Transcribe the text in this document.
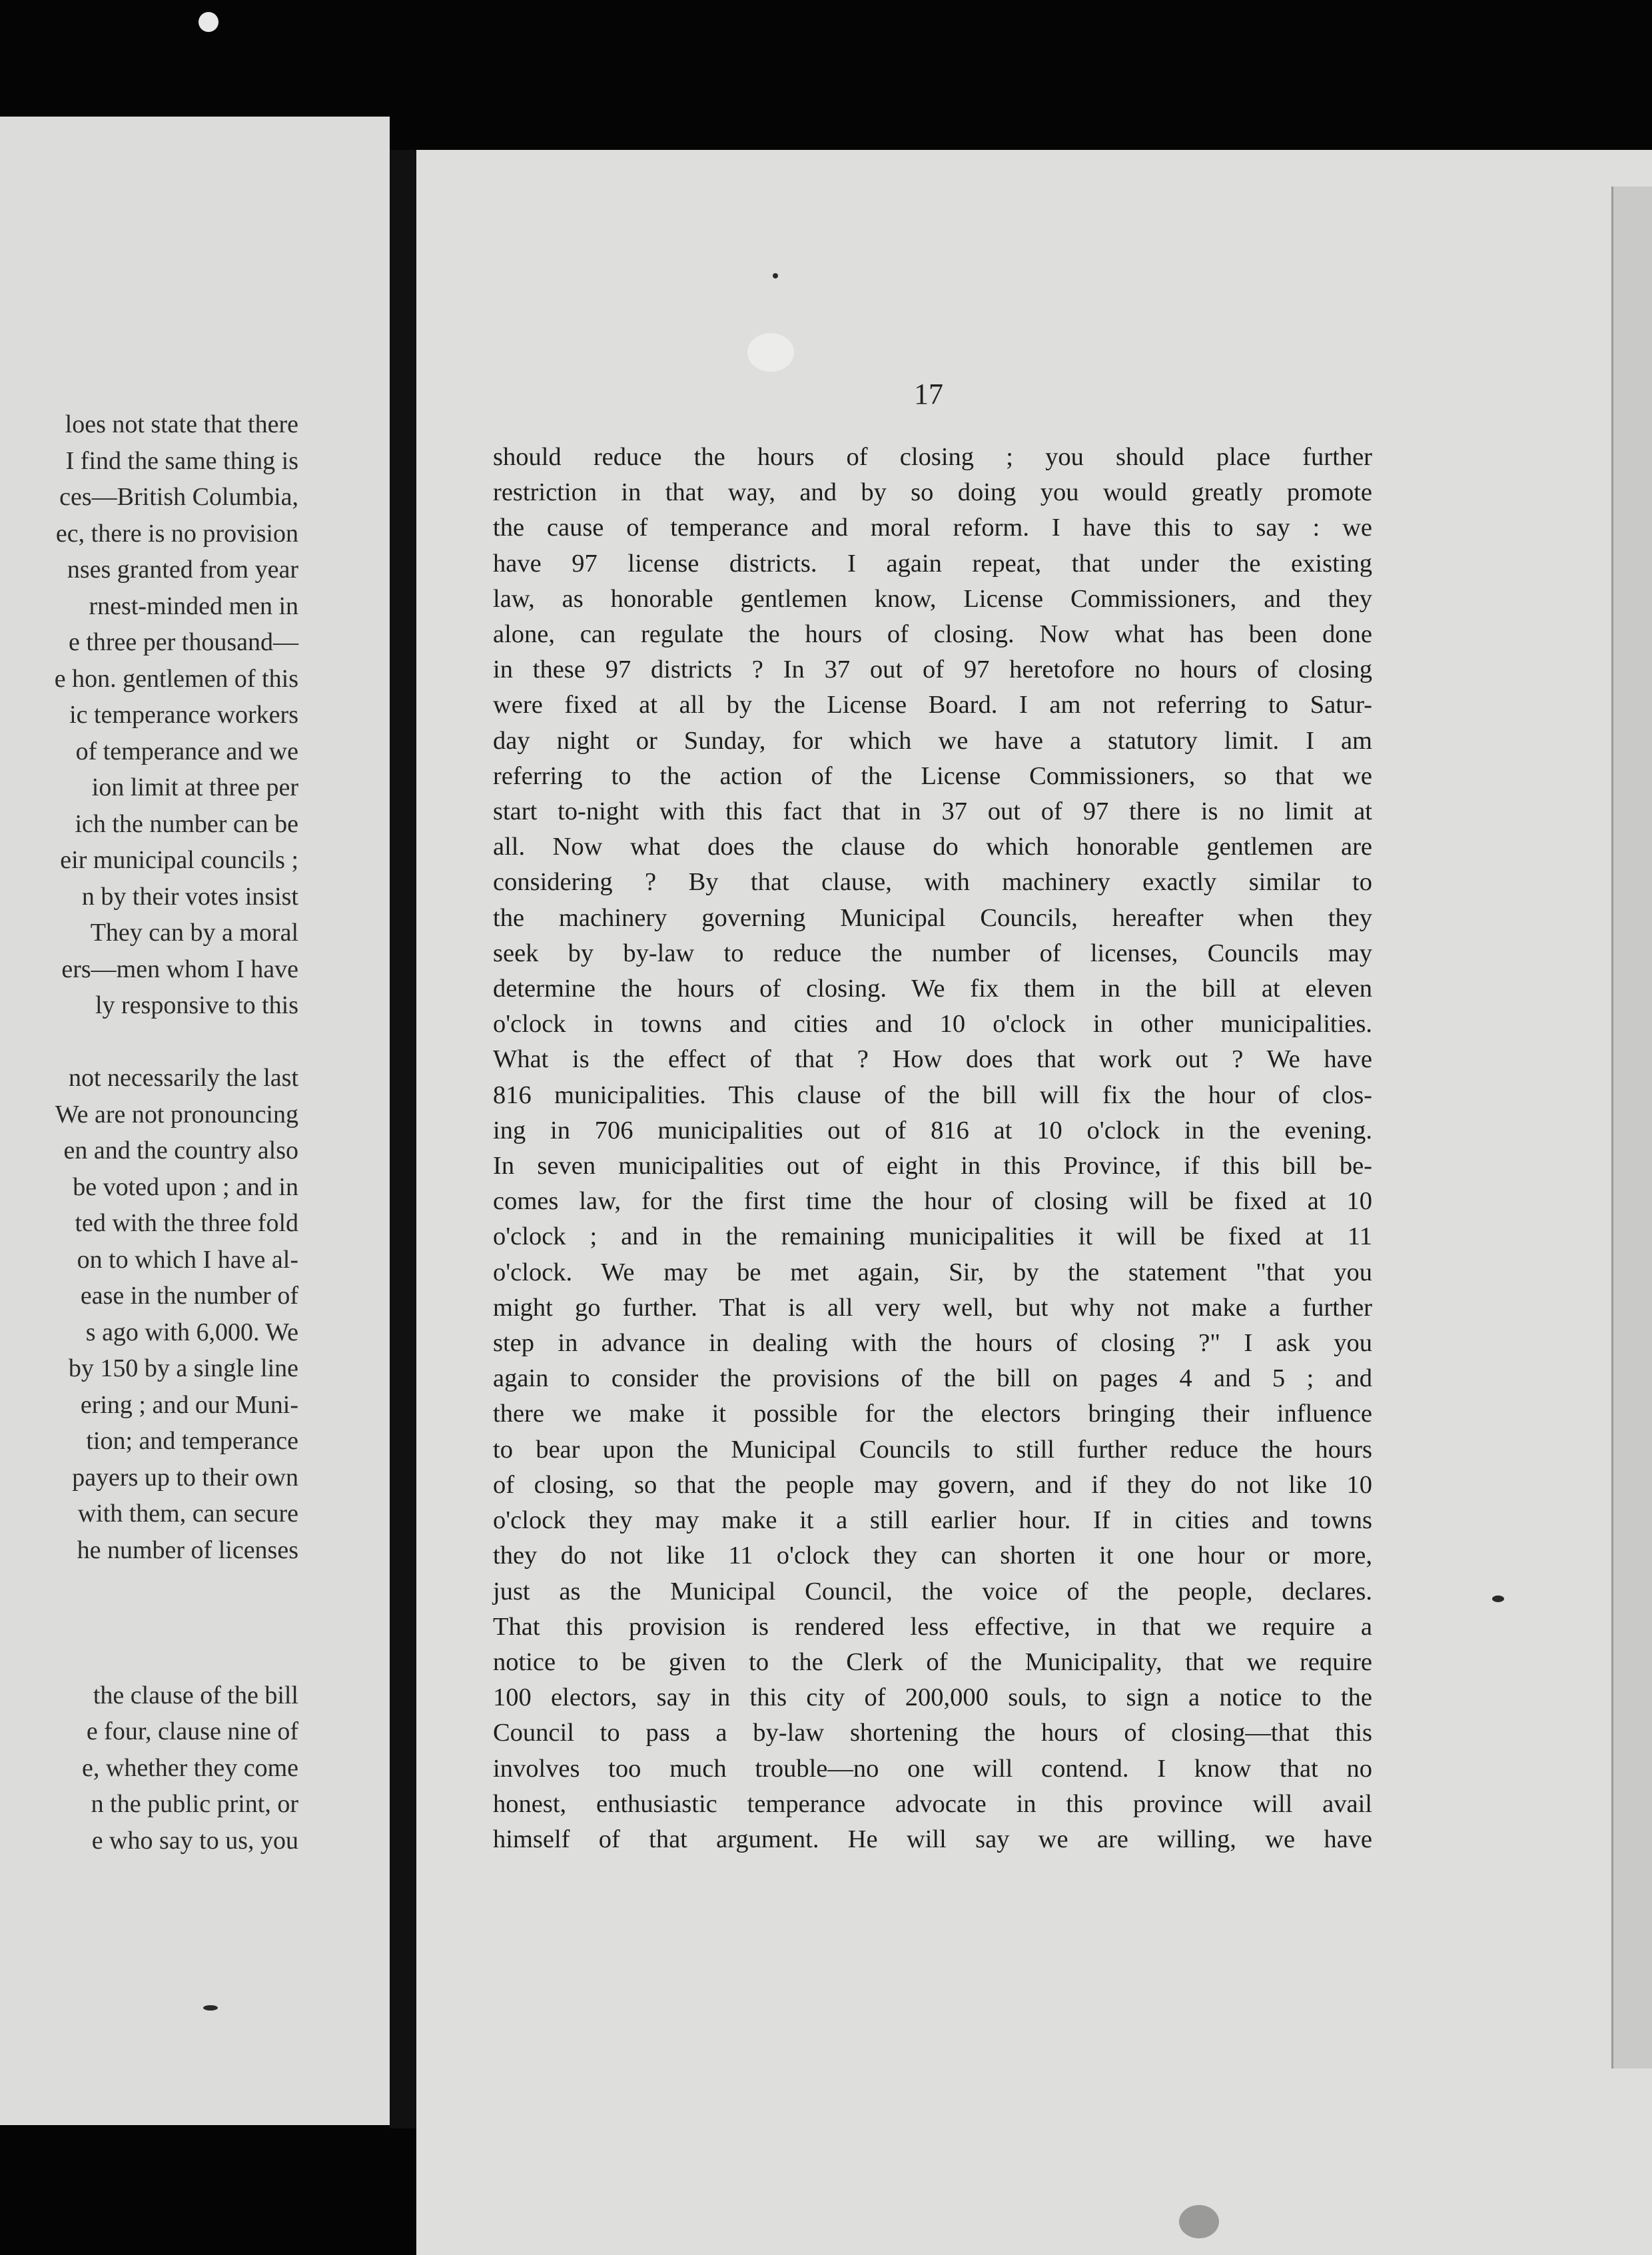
loes not state that there
I find the same thing is
ces—British Columbia,
ec, there is no provision
nses granted from year
rnest-minded men in
e three per thousand—
e hon. gentlemen of this
ic temperance workers
of temperance and we
ion limit at three per
ich the number can be
eir municipal councils ;
n by their votes insist
They can by a moral
ers—men whom I have
ly responsive to this
not necessarily the last
We are not pronouncing
en and the country also
be voted upon ; and in
ted with the three fold
on to which I have al-
ease in the number of
s ago with 6,000. We
by 150 by a single line
ering ; and our Muni-
tion; and temperance
payers up to their own
with them, can secure
he number of licenses
the clause of the bill
e four, clause nine of
e, whether they come
n the public print, or
e who say to us, you
17
should reduce the hours of closing ; you should place further
restriction in that way, and by so doing you would greatly promote
the cause of temperance and moral reform. I have this to say : we
have 97 license districts. I again repeat, that under the existing
law, as honorable gentlemen know, License Commissioners, and they
alone, can regulate the hours of closing. Now what has been done
in these 97 districts ? In 37 out of 97 heretofore no hours of closing
were fixed at all by the License Board. I am not referring to Satur-
day night or Sunday, for which we have a statutory limit. I am
referring to the action of the License Commissioners, so that we
start to-night with this fact that in 37 out of 97 there is no limit at
all. Now what does the clause do which honorable gentlemen are
considering ? By that clause, with machinery exactly similar to
the machinery governing Municipal Councils, hereafter when they
seek by by-law to reduce the number of licenses, Councils may
determine the hours of closing. We fix them in the bill at eleven
o'clock in towns and cities and 10 o'clock in other municipalities.
What is the effect of that ? How does that work out ? We have
816 municipalities. This clause of the bill will fix the hour of clos-
ing in 706 municipalities out of 816 at 10 o'clock in the evening.
In seven municipalities out of eight in this Province, if this bill be-
comes law, for the first time the hour of closing will be fixed at 10
o'clock ; and in the remaining municipalities it will be fixed at 11
o'clock. We may be met again, Sir, by the statement "that you
might go further. That is all very well, but why not make a further
step in advance in dealing with the hours of closing ?" I ask you
again to consider the provisions of the bill on pages 4 and 5 ; and
there we make it possible for the electors bringing their influence
to bear upon the Municipal Councils to still further reduce the hours
of closing, so that the people may govern, and if they do not like 10
o'clock they may make it a still earlier hour. If in cities and towns
they do not like 11 o'clock they can shorten it one hour or more,
just as the Municipal Council, the voice of the people, declares.
That this provision is rendered less effective, in that we require a
notice to be given to the Clerk of the Municipality, that we require
100 electors, say in this city of 200,000 souls, to sign a notice to the
Council to pass a by-law shortening the hours of closing—that this
involves too much trouble—no one will contend. I know that no
honest, enthusiastic temperance advocate in this province will avail
himself of that argument. He will say we are willing, we have
